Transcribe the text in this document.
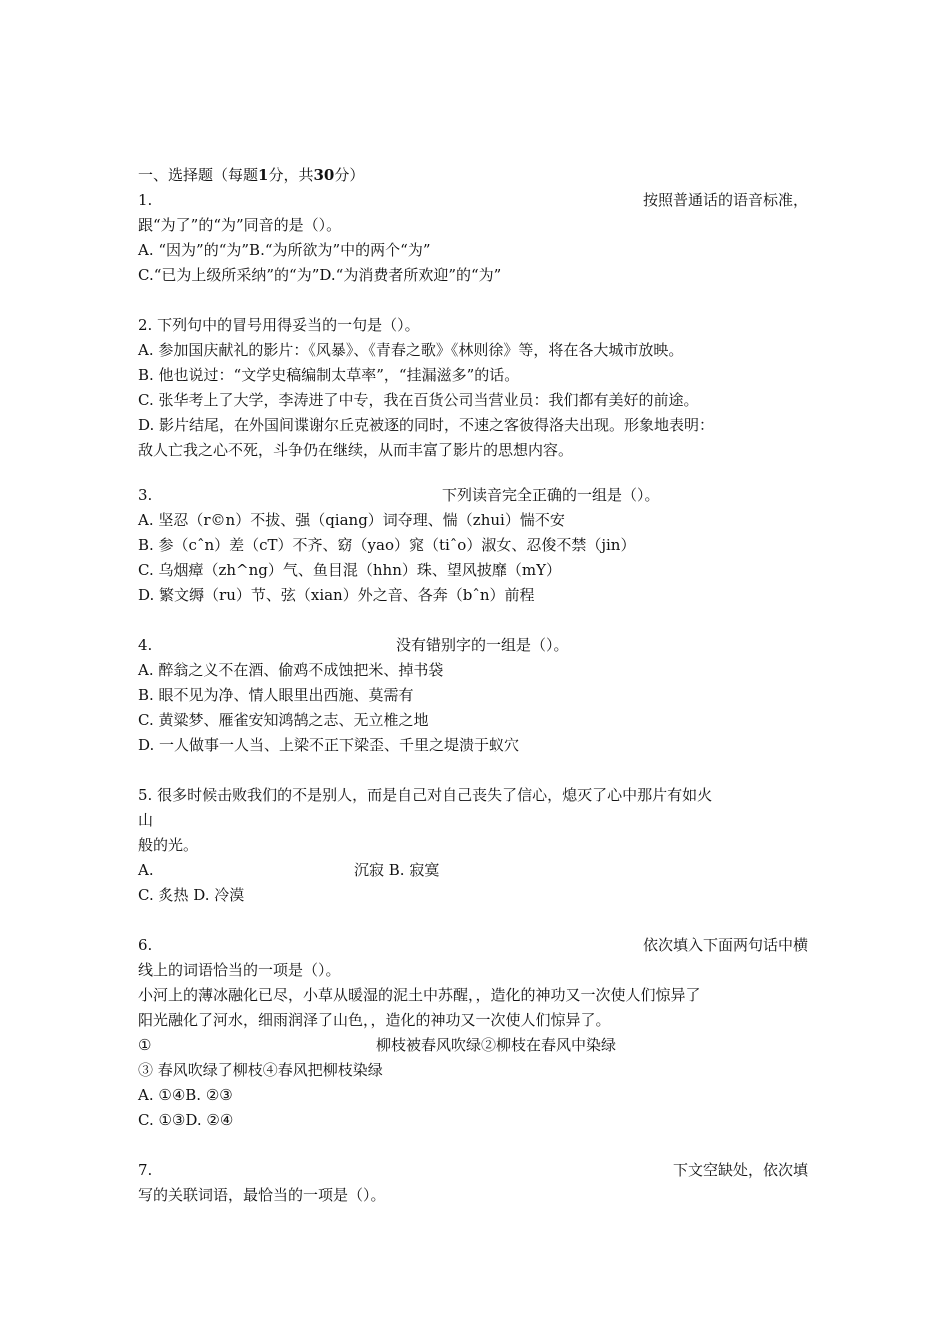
一、选择题（每题1分，共30分）
1.	按照普通话的语音标准，
跟“为了”的“为”同音的是（）。
A. “因为”的“为”B.“为所欲为”中的两个“为”
C.“已为上级所采纳”的“为”D.“为消费者所欢迎”的“为”
2. 下列句中的冒号用得妥当的一句是（）。
A. 参加国庆献礼的影片：《风暴》、《青春之歌》《林则徐》等，将在各大城市放映。
B. 他也说过：“文学史稿编制太草率”，“挂漏滋多”的话。
C. 张华考上了大学，李涛进了中专，我在百货公司当营业员：我们都有美好的前途。
D. 影片结尾，在外国间谍谢尔丘克被逐的同时，不速之客彼得洛夫出现。形象地表明：
敌人亡我之心不死，斗争仍在继续，从而丰富了影片的思想内容。
3.	下列读音完全正确的一组是（）。
A. 坚忍（r©n）不拔、强（qiang）词夺理、惴（zhui）惴不安
B. 参（cˆn）差（cT）不齐、窈（yao）窕（tiˆo）淑女、忍俊不禁（jin）
C. 乌烟瘴（zh^ng）气、鱼目混（hhn）珠、望风披靡（mY）
D. 繁文缛（ru）节、弦（xian）外之音、各奔（bˆn）前程
4.	没有错别字的一组是（）。
A. 醉翁之义不在酒、偷鸡不成蚀把米、掉书袋
B. 眼不见为净、情人眼里出西施、莫需有
C. 黄粱梦、雁雀安知鸿鹄之志、无立椎之地
D. 一人做事一人当、上梁不正下梁歪、千里之堤溃于蚁穴
5. 很多时候击败我们的不是别人，而是自己对自己丧失了信心，熄灭了心中那片有如火
山
般的光。
A.	沉寂 B. 寂寞
C. 炙热 D. 冷漠
6.	依次填入下面两句话中横
线上的词语恰当的一项是（）。
小河上的薄冰融化已尽，小草从暖湿的泥土中苏醒，，造化的神功又一次使人们惊异了
阳光融化了河水，细雨润泽了山色，，造化的神功又一次使人们惊异了。
①	柳枝被春风吹绿②柳枝在春风中染绿
③ 春风吹绿了柳枝④春风把柳枝染绿
A. ①④B. ②③
C. ①③D. ②④
7.	下文空缺处，依次填
写的关联词语，最恰当的一项是（）。
